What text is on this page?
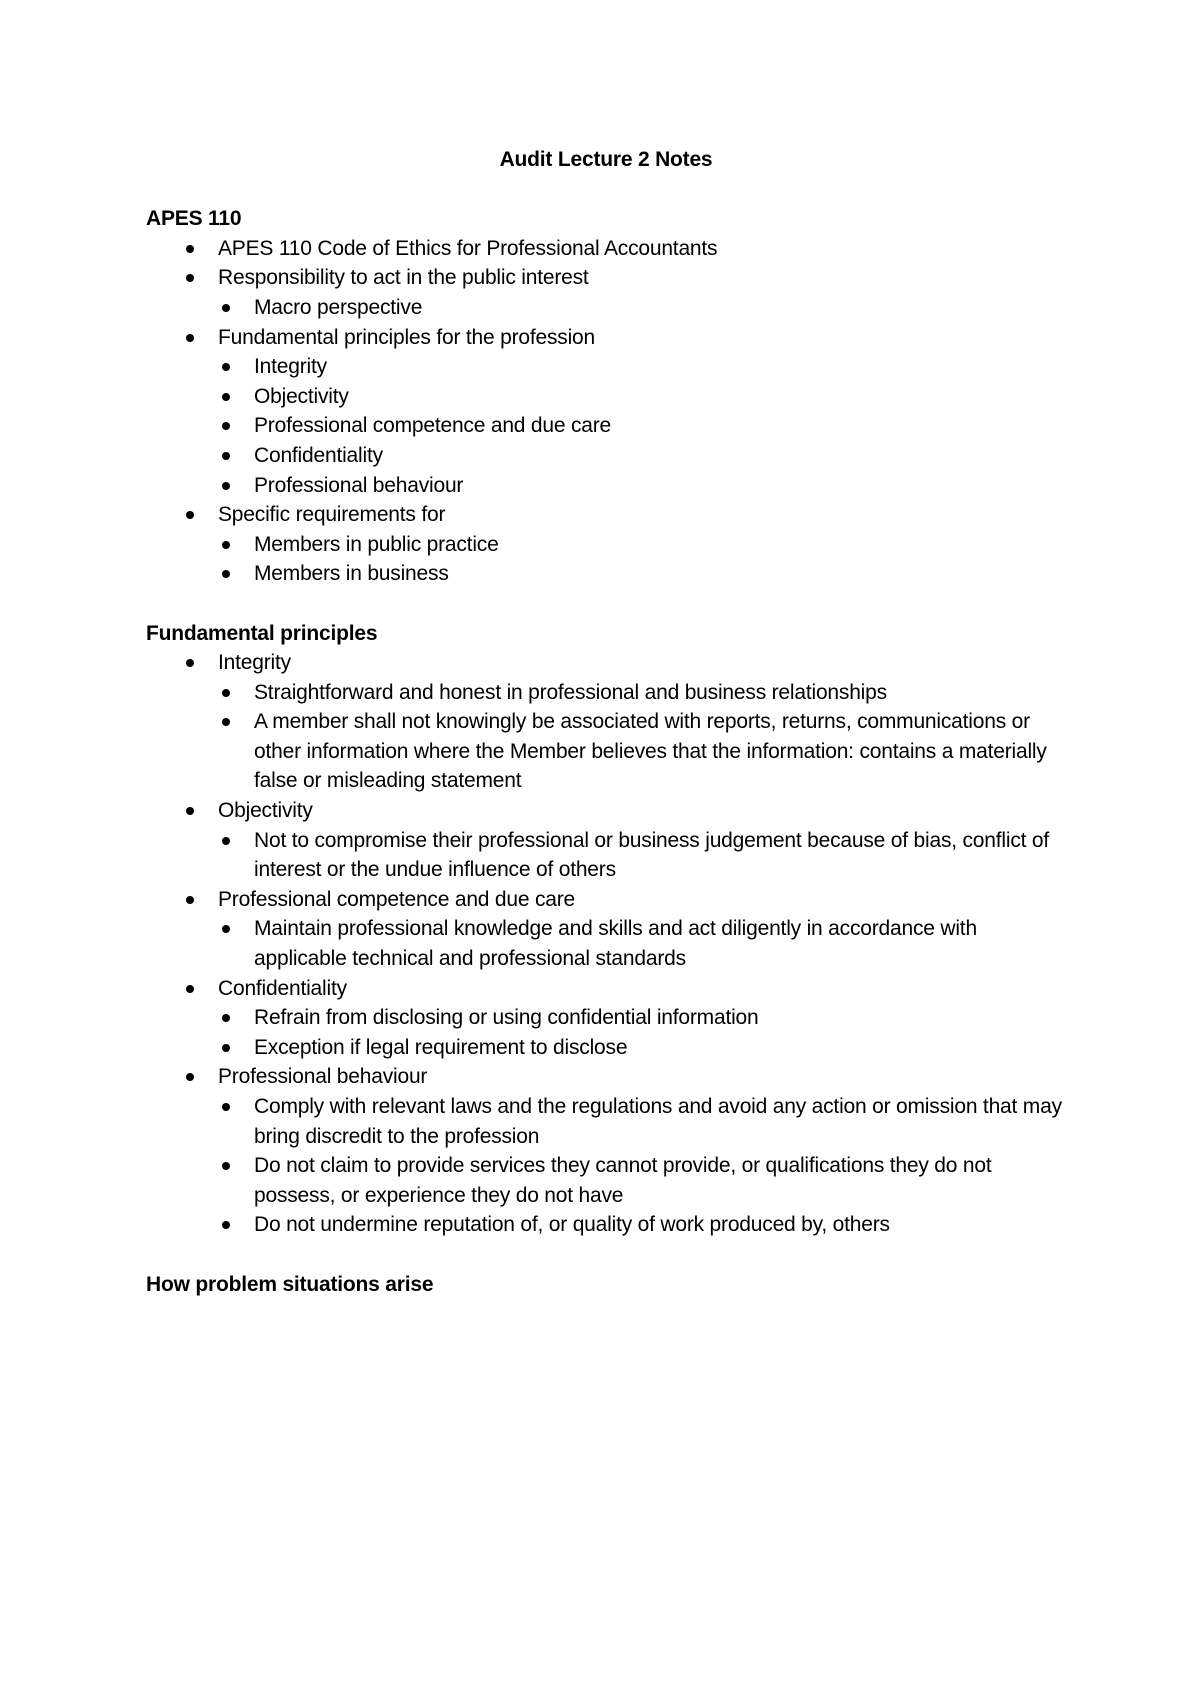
Audit Lecture 2 Notes
APES 110
APES 110 Code of Ethics for Professional Accountants
Responsibility to act in the public interest
Macro perspective
Fundamental principles for the profession
Integrity
Objectivity
Professional competence and due care
Confidentiality
Professional behaviour
Specific requirements for
Members in public practice
Members in business
Fundamental principles
Integrity
Straightforward and honest in professional and business relationships
A member shall not knowingly be associated with reports, returns, communications or other information where the Member believes that the information: contains a materially false or misleading statement
Objectivity
Not to compromise their professional or business judgement because of bias, conflict of interest or the undue influence of others
Professional competence and due care
Maintain professional knowledge and skills and act diligently in accordance with applicable technical and professional standards
Confidentiality
Refrain from disclosing or using confidential information
Exception if legal requirement to disclose
Professional behaviour
Comply with relevant laws and the regulations and avoid any action or omission that may bring discredit to the profession
Do not claim to provide services they cannot provide, or qualifications they do not possess, or experience they do not have
Do not undermine reputation of, or quality of work produced by, others
How problem situations arise
